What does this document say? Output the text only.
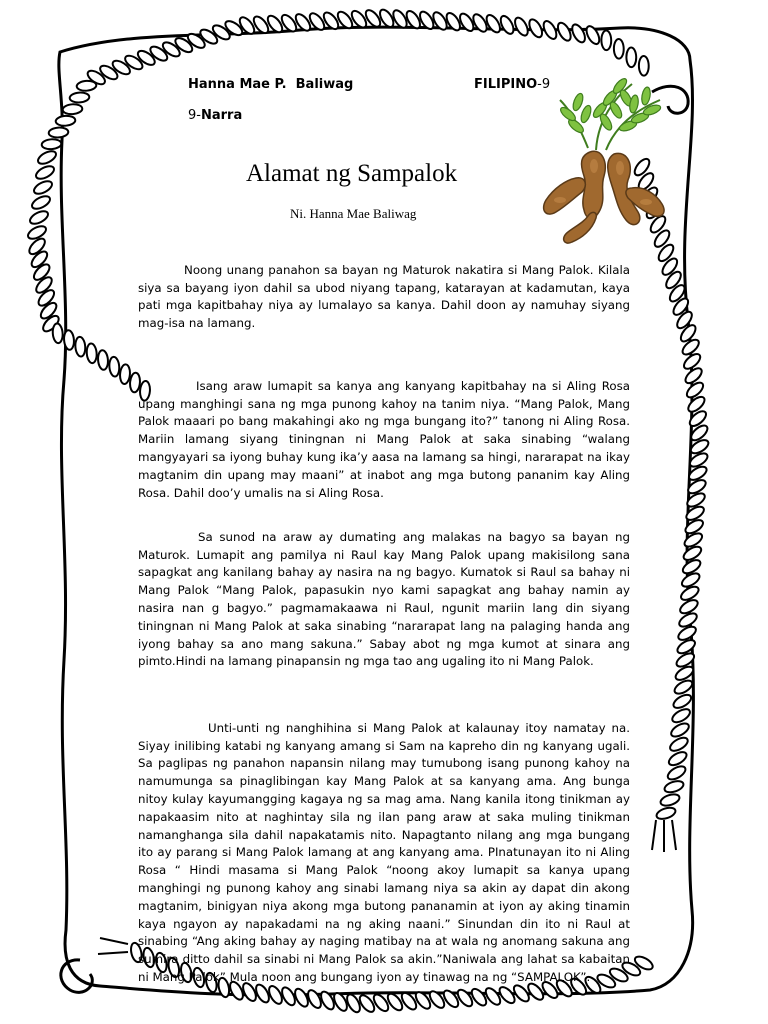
Hanna Mae P.  Baliwag	FILIPINO-9
9-Narra
Alamat ng Sampalok
Ni. Hanna Mae Baliwag

Noong unang panahon sa bayan ng Maturok nakatira si Mang Palok. Kilala siya sa bayang iyon dahil sa ubod niyang tapang, katarayan at kadamutan, kaya pati mga kapitbahay niya ay lumalayo sa kanya. Dahil doon ay namuhay siyang mag-isa na lamang.

Isang araw lumapit sa kanya ang kanyang kapitbahay na si Aling Rosa upang manghingi sana ng mga punong kahoy na tanim niya. “Mang Palok, Mang Palok maaari po bang makahingi ako ng mga bungang ito?” tanong ni Aling Rosa. Mariin lamang siyang tiningnan ni Mang Palok at saka sinabing “walang mangyayari sa iyong buhay kung ika’y aasa na lamang sa hingi, nararapat na ikay magtanim din upang may maani” at inabot ang mga butong pananim kay Aling Rosa. Dahil doo’y umalis na si Aling Rosa.

Sa sunod na araw ay dumating ang malakas na bagyo sa bayan ng Maturok. Lumapit ang pamilya ni Raul kay Mang Palok upang makisilong sana sapagkat ang kanilang bahay ay nasira na ng bagyo. Kumatok si Raul sa bahay ni Mang Palok “Mang Palok, papasukin nyo kami sapagkat ang bahay namin ay nasira nan g bagyo.” pagmamakaawa ni Raul, ngunit mariin lang din siyang tiningnan ni Mang Palok at saka sinabing “nararapat lang na palaging handa ang iyong bahay sa ano mang sakuna.” Sabay abot ng mga kumot at sinara ang pimto.Hindi na lamang pinapansin ng mga tao ang ugaling ito ni Mang Palok.

Unti-unti ng nanghihina si Mang Palok at kalaunay itoy namatay na. Siyay inilibing katabi ng kanyang amang si Sam na kapreho din ng kanyang ugali. Sa paglipas ng panahon napansin nilang may tumubong isang punong kahoy na namumunga sa pinaglibingan kay Mang Palok at sa kanyang ama. Ang bunga nitoy kulay kayumangging kagaya ng sa mag ama. Nang kanila itong tinikman ay napakaasim nito at naghintay sila ng ilan pang araw at saka muling tinikman namanghanga sila dahil napakatamis nito. Napagtanto nilang ang mga bungang ito ay parang si Mang Palok lamang at ang kanyang ama. PInatunayan ito ni Aling Rosa “ Hindi masama si Mang Palok “noong akoy lumapit sa kanya upang manghingi ng punong kahoy ang sinabi lamang niya sa akin ay dapat din akong magtanim, binigyan niya akong mga butong pananamin at iyon ay aking tinamin kaya ngayon ay napakadami na ng aking naani.” Sinundan din ito ni Raul at sinabing “Ang aking bahay ay naging matibay na at wala ng anomang sakuna ang sumira ditto dahil sa sinabi ni Mang Palok sa akin.”Naniwala ang lahat sa kabaitan ni Mang Palok” Mula noon ang bungang iyon ay tinawag na ng “SAMPALOK”.
